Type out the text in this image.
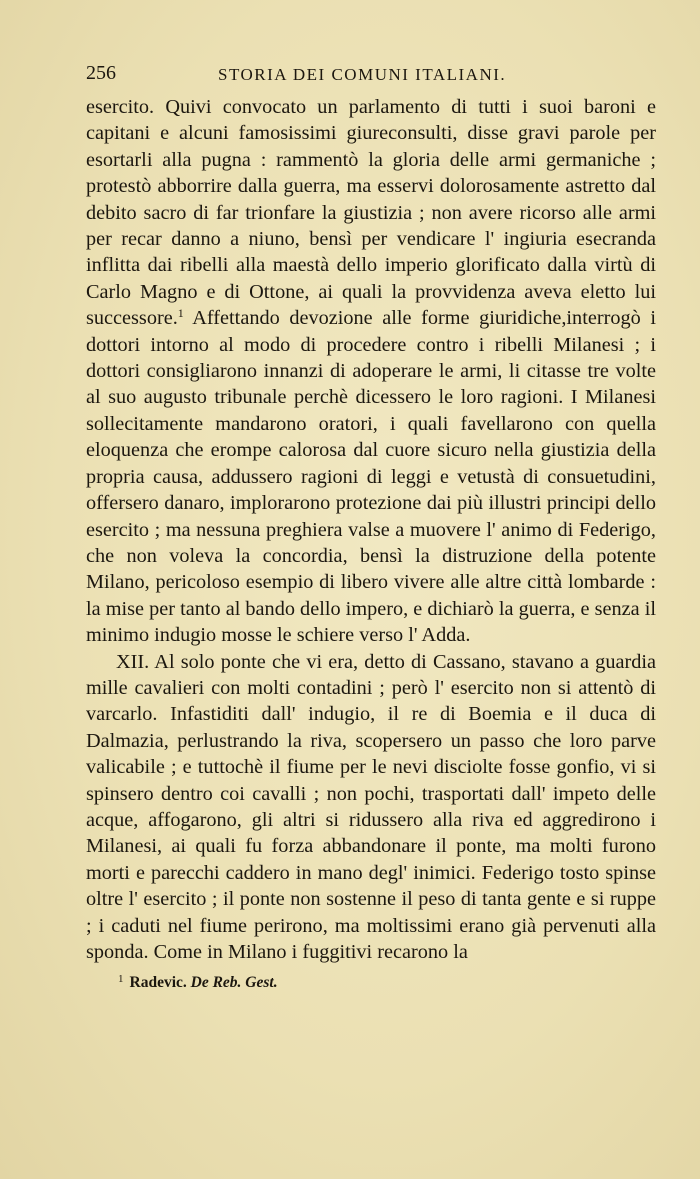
256	STORIA DEI COMUNI ITALIANI.

esercito. Quivi convocato un parlamento di tutti i suoi baroni e capitani e alcuni famosissimi giureconsulti, disse gravi parole per esortarli alla pugna : rammentò la gloria delle armi germaniche ; protestò abborrire dalla guerra, ma esservi dolorosamente astretto dal debito sacro di far trionfare la giustizia ; non avere ricorso alle armi per recar danno a niuno, bensì per vendicare l' ingiuria esecranda inflitta dai ribelli alla maestà dello imperio glorificato dalla virtù di Carlo Magno e di Ottone, ai quali la provvidenza aveva eletto lui successore.$^1$ Affettando devozione alle forme giuridiche,interrogò i dottori intorno al modo di procedere contro i ribelli Milanesi ; i dottori consigliarono innanzi di adoperare le armi, li citasse tre volte al suo augusto tribunale perchè dicessero le loro ragioni. I Milanesi sollecitamente mandarono oratori, i quali favellarono con quella eloquenza che erompe calorosa dal cuore sicuro nella giustizia della propria causa, addussero ragioni di leggi e vetustà di consuetudini, offersero danaro, implorarono protezione dai più illustri principi dello esercito ; ma nessuna preghiera valse a muovere l' animo di Federigo, che non voleva la concordia, bensì la distruzione della potente Milano, pericoloso esempio di libero vivere alle altre città lombarde : la mise per tanto al bando dello impero, e dichiarò la guerra, e senza il minimo indugio mosse le schiere verso l' Adda.

XII. Al solo ponte che vi era, detto di Cassano, stavano a guardia mille cavalieri con molti contadini ; però l' esercito non si attentò di varcarlo. Infastiditi dall' indugio, il re di Boemia e il duca di Dalmazia, perlustrando la riva, scopersero un passo che loro parve valicabile ; e tuttochè il fiume per le nevi disciolte fosse gonfio, vi si spinsero dentro coi cavalli ; non pochi, trasportati dall' impeto delle acque, affogarono, gli altri si ridussero alla riva ed aggredirono i Milanesi, ai quali fu forza abbandonare il ponte, ma molti furono morti e parecchi caddero in mano degl' inimici. Federigo tosto spinse oltre l' esercito ; il ponte non sostenne il peso di tanta gente e si ruppe ; i caduti nel fiume perirono, ma moltissimi erano già pervenuti alla sponda. Come in Milano i fuggitivi recarono la

$^1$ Radevic. De Reb. Gest.
